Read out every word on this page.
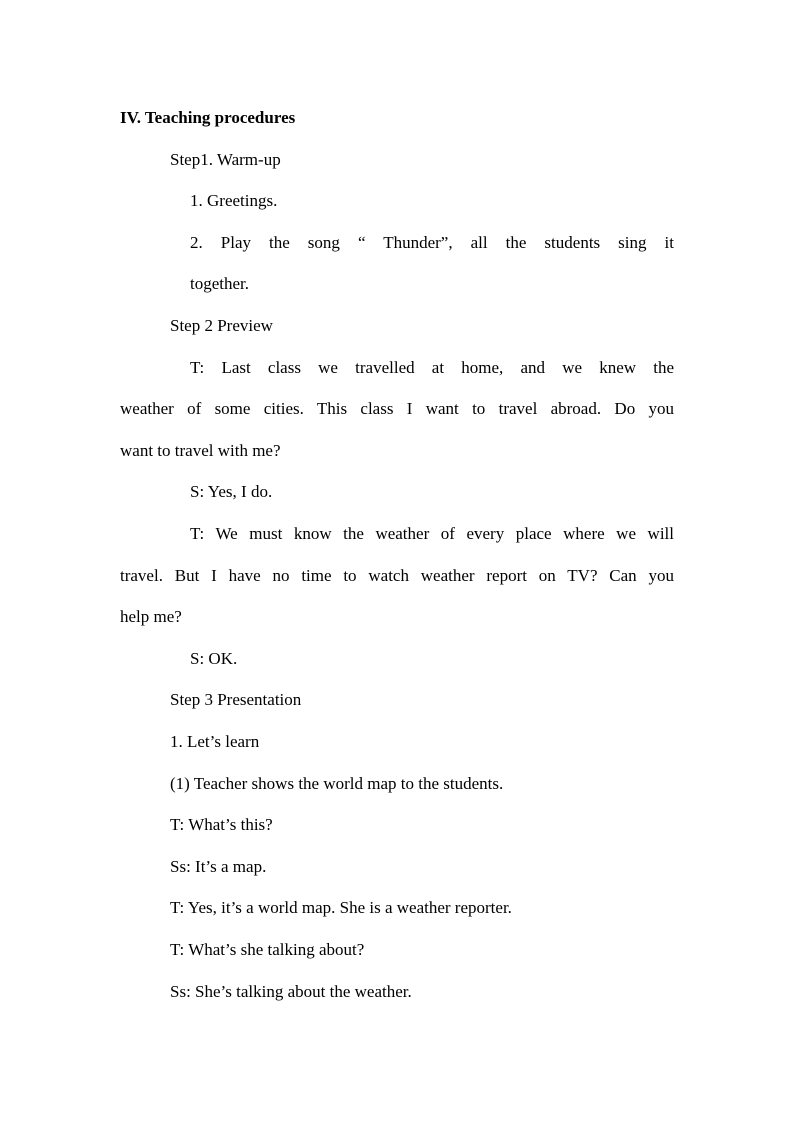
IV. Teaching procedures
Step1. Warm-up
1. Greetings.
2. Play the song “ Thunder”, all the students sing it
together.
Step 2 Preview
T: Last class we travelled at home, and we knew the
weather of some cities. This class I want to travel abroad. Do you
want to travel with me?
S: Yes, I do.
T: We must know the weather of every place where we will
travel. But I have no time to watch weather report on TV? Can you
help me?
S: OK.
Step 3 Presentation
1. Let’s learn
(1) Teacher shows the world map to the students.
T: What’s this?
Ss: It’s a map.
T: Yes, it’s a world map. She is a weather reporter.
T: What’s she talking about?
Ss: She’s talking about the weather.
